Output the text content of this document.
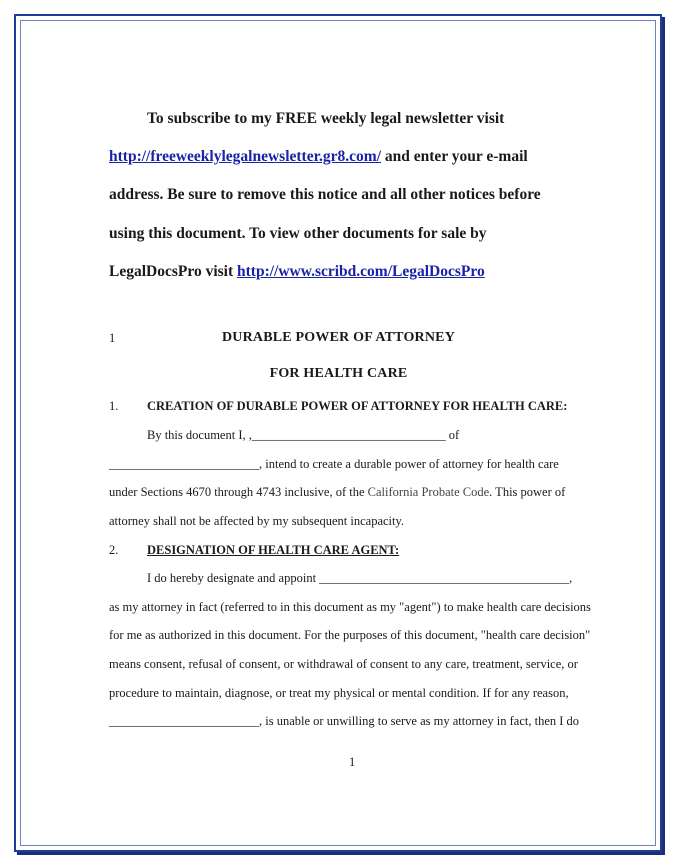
To subscribe to my FREE weekly legal newsletter visit
http://freeweeklylegalnewsletter.gr8.com/ and enter your e-mail
address. Be sure to remove this notice and all other notices before
using this document. To view other documents for sale by
LegalDocsPro visit http://www.scribd.com/LegalDocsPro
1	DURABLE POWER OF ATTORNEY
FOR HEALTH CARE
1. CREATION OF DURABLE POWER OF ATTORNEY FOR HEALTH CARE:
By this document I, ,_______________________________ of
________________________, intend to create a durable power of attorney for health care
under Sections 4670 through 4743 inclusive, of the California Probate Code. This power of
attorney shall not be affected by my subsequent incapacity.
2. DESIGNATION OF HEALTH CARE AGENT:
I do hereby designate and appoint ________________________________________,
as my attorney in fact (referred to in this document as my "agent") to make health care decisions
for me as authorized in this document. For the purposes of this document, "health care decision"
means consent, refusal of consent, or withdrawal of consent to any care, treatment, service, or
procedure to maintain, diagnose, or treat my physical or mental condition. If for any reason,
________________________, is unable or unwilling to serve as my attorney in fact, then I do
1
